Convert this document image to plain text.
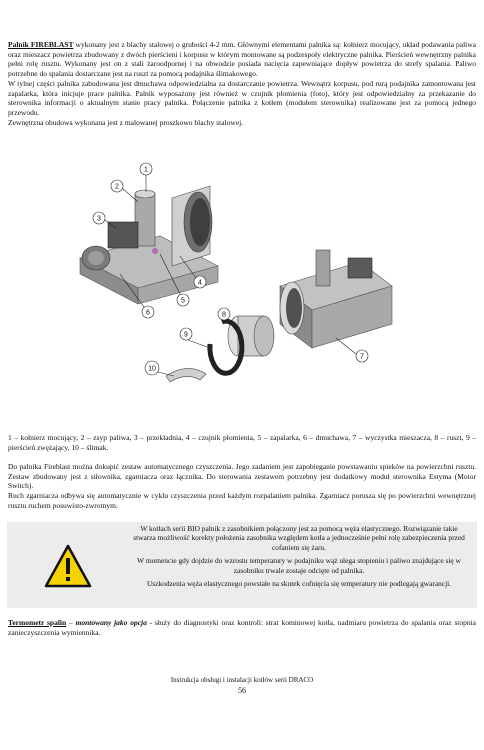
Palnik FIREBLAST wykonany jest z blachy stalowej o grubości 4-2 mm. Głównymi elementami palnika są: kołnierz mocujący, układ podawania paliwa oraz mieszacz powietrza zbudowany z dwóch pierścieni i korpusu w którym montowane są podzespoły elektryczne palnika. Pierścień wewnętrzny palnika pełni rolę rusztu. Wykonany jest on z stali żaroodpornej i na obwodzie posiada nacięcia zapewniające dopływ powietrza do strefy spalania. Paliwo potrzebne do spalania dostarczane jest na ruszt za pomocą podajnika ślimakowego.

W tylnej części palnika zabudowana jest dmuchawa odpowiedzialna za dostarczanie powietrza. Wewnątrz korpusu, pod rurą podajnika zamontowana jest zapalarka, która inicjuje prace palnika. Palnik wyposażony jest również w czujnik płomienia (foto), który jest odpowiedzialny za przekazanie do sterownika informacji o aktualnym stanie pracy palnika. Połączenie palnika z kotłem (modułem sterownika) realizowane jest za pomocą jednego przewodu.

Zewnętrzna obudowa wykonana jest z malowanej proszkowo blachy stalowej.

1
2
3
4
5
6
7
8
9
10
1 – kołnierz mocujący, 2 – zsyp paliwa, 3 – przekładnia, 4 – czujnik płomienia, 5 – zapalarka, 6 – dmuchawa, 7 – wyczystka mieszacza, 8 – ruszt, 9 – pierścień zwężający, 10 – ślimak.

Do palnika Fireblast można dokupić zestaw automatycznego czyszczenia. Jego zadaniem jest zapobieganie powstawaniu spieków na powierzchni rusztu. Zestaw zbudowany jest z siłownika, zgarniacza oraz łącznika. Do sterowania zestawem potrzebny jest dodatkowy moduł sterownika Estyma (Motor Switch).

Ruch zgarniacza odbywa się automatycznie w cyklu czyszczenia przed każdym rozpalaniem palnika. Zgarniacz porusza się po powierzchni wewnętrznej rusztu ruchem posuwisto-zwrotnym.

W kotłach serii BIO palnik z zasobnikiem połączony jest za pomocą węża elastycznego. Rozwiązanie takie stwarza możliwość korekty położenia zasobnika względem kotła a jednocześnie pełni rolę zabezpieczenia przed cofaniem się żaru.

W momencie gdy dojdzie do wzrostu temperatury w podajniku wąż ulega stopieniu i paliwo znajdujące się w zasobniku trwale zostaje odcięte od palnika.

Uszkodzenia węża elastycznego powstałe na skutek cofnięcia się temperatury nie podlegają gwarancji.

Termometr spalin – montowany jako opcja - służy do diagnostyki oraz kontroli: strat kominowej kotła, nadmiaru powietrza do spalania oraz stopnia zanieczyszczenia wymiennika.

Instrukcja obsługi i instalacji kotłów serii DRACO
56
